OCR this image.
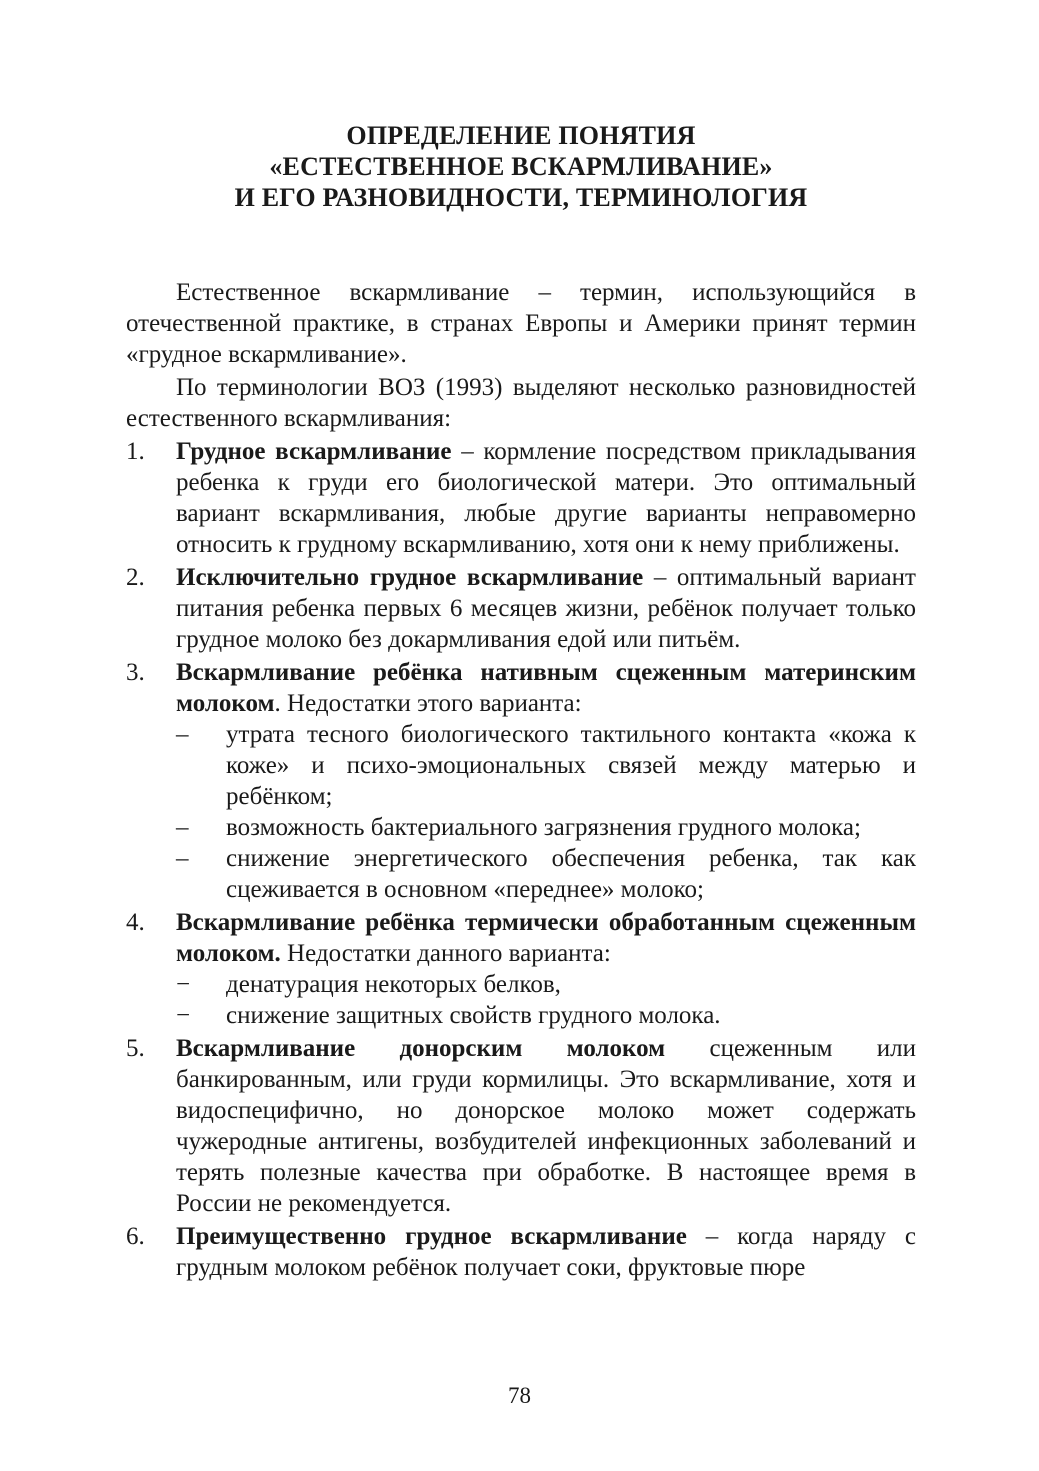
ОПРЕДЕЛЕНИЕ ПОНЯТИЯ
«ЕСТЕСТВЕННОЕ ВСКАРМЛИВАНИЕ»
И ЕГО РАЗНОВИДНОСТИ, ТЕРМИНОЛОГИЯ

Естественное вскармливание – термин, использующийся в отечественной практике, в странах Европы и Америки принят термин «грудное вскармливание».

По терминологии ВОЗ (1993) выделяют несколько разновидностей естественного вскармливания:

1.	Грудное вскармливание – кормление посредством прикладывания ребенка к груди его биологической матери. Это оптимальный вариант вскармливания, любые другие варианты неправомерно относить к грудному вскармливанию, хотя они к нему приближены.
2.	Исключительно грудное вскармливание – оптимальный вариант питания ребенка первых 6 месяцев жизни, ребёнок получает только грудное молоко без докармливания едой или питьём.
3.	Вскармливание ребёнка нативным сцеженным материнским молоком. Недостатки этого варианта:
–	утрата тесного биологического тактильного контакта «кожа к коже» и психо-эмоциональных связей между матерью и ребёнком;
–	возможность бактериального загрязнения грудного молока;
–	снижение энергетического обеспечения ребенка, так как сцеживается в основном «переднее» молоко;
4.	Вскармливание ребёнка термически обработанным сцеженным молоком. Недостатки данного варианта:
−	денатурация некоторых белков,
−	снижение защитных свойств грудного молока.
5.	Вскармливание донорским молоком сцеженным или банкированным, или груди кормилицы. Это вскармливание, хотя и видоспецифично, но донорское молоко может содержать чужеродные антигены, возбудителей инфекционных заболеваний и терять полезные качества при обработке. В настоящее время в России не рекомендуется.
6.	Преимущественно грудное вскармливание – когда наряду с грудным молоком ребёнок получает соки, фруктовые пюре
78
